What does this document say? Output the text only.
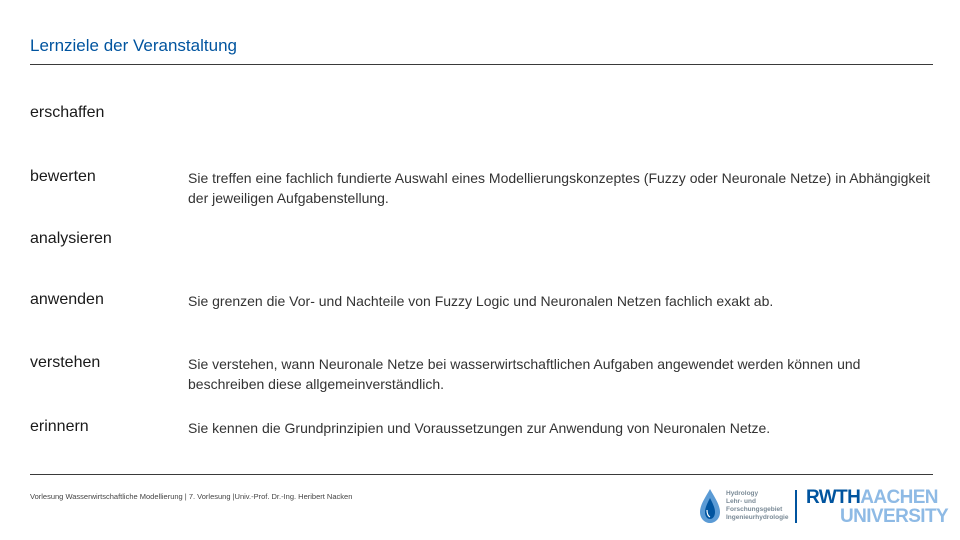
Lernziele der Veranstaltung
erschaffen
bewerten	Sie treffen eine fachlich fundierte Auswahl eines Modellierungskonzeptes (Fuzzy oder Neuronale Netze) in Abhängigkeit der jeweiligen Aufgabenstellung.
analysieren
anwenden	Sie grenzen die Vor- und Nachteile von Fuzzy Logic und Neuronalen Netzen fachlich exakt ab.
verstehen	Sie verstehen, wann Neuronale Netze bei wasserwirtschaftlichen Aufgaben angewendet werden können und beschreiben diese allgemeinverständlich.
erinnern	Sie kennen die Grundprinzipien und Voraussetzungen zur Anwendung von Neuronalen Netze.
Vorlesung Wasserwirtschaftliche Modellierung | 7. Vorlesung |Univ.-Prof. Dr.-Ing. Heribert Nacken	Hydrology
Lehr- und
Forschungsgebiet
Ingenieurhydrologie
RWTHAACHEN
UNIVERSITY
